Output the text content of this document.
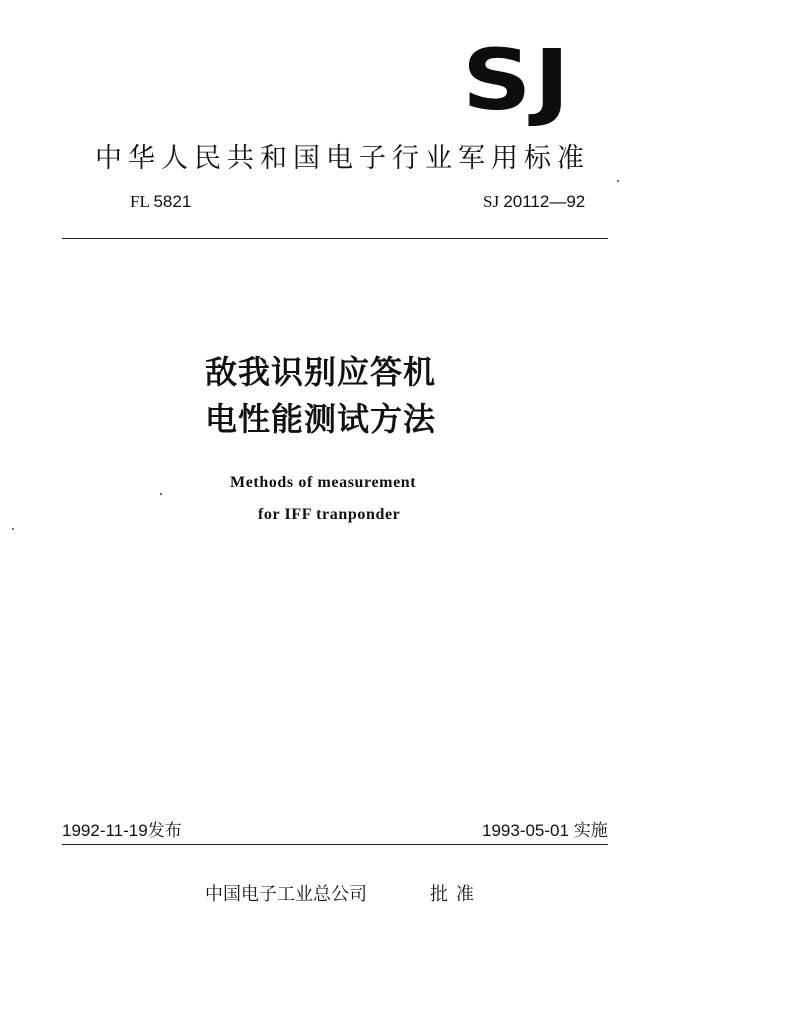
SJ
中华人民共和国电子行业军用标准
FL 5821	SJ 20112—92
敌我识别应答机
电性能测试方法
Methods of measurement
for IFF tranponder
1992-11-19发布	1993-05-01 实施
中国电子工业总公司	批准
